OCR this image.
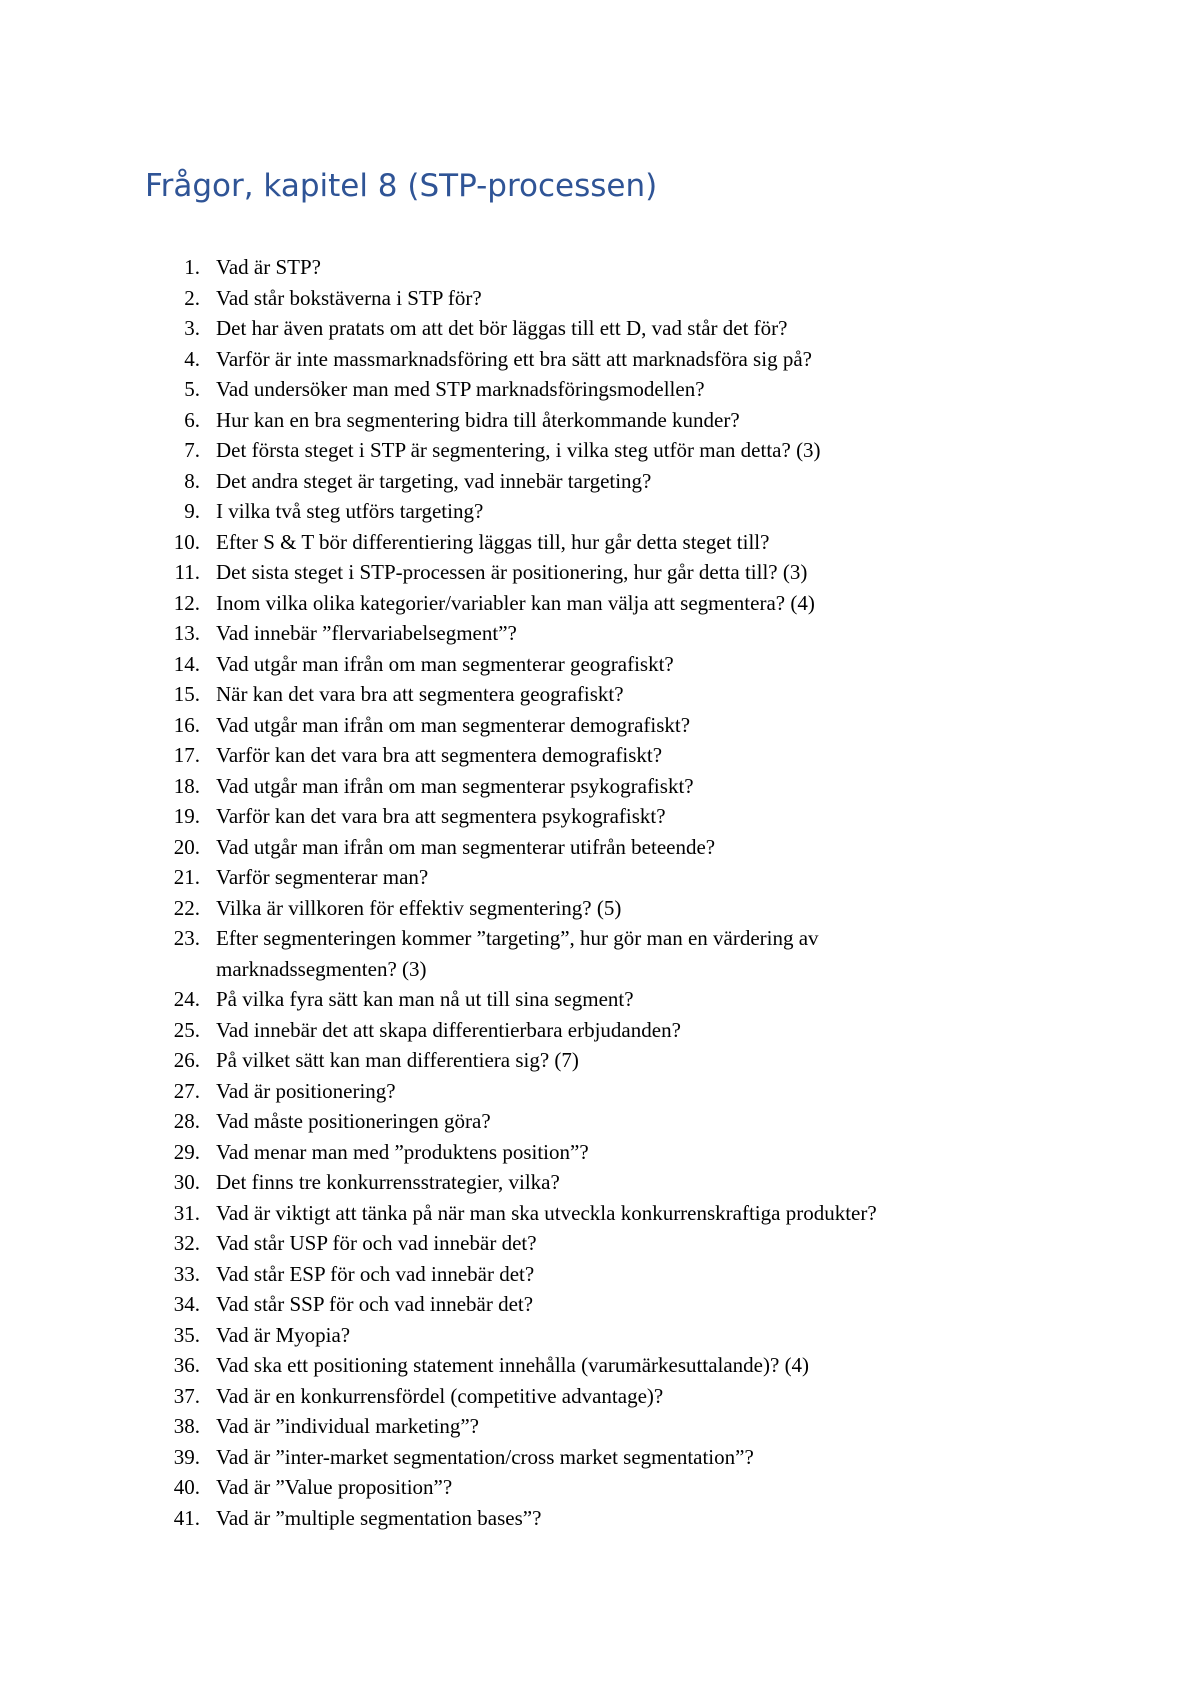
Frågor, kapitel 8 (STP-processen)
1. Vad är STP?
2. Vad står bokstäverna i STP för?
3. Det har även pratats om att det bör läggas till ett D, vad står det för?
4. Varför är inte massmarknadsföring ett bra sätt att marknadsföra sig på?
5. Vad undersöker man med STP marknadsföringsmodellen?
6. Hur kan en bra segmentering bidra till återkommande kunder?
7. Det första steget i STP är segmentering, i vilka steg utför man detta? (3)
8. Det andra steget är targeting, vad innebär targeting?
9. I vilka två steg utförs targeting?
10. Efter S & T bör differentiering läggas till, hur går detta steget till?
11. Det sista steget i STP-processen är positionering, hur går detta till? (3)
12. Inom vilka olika kategorier/variabler kan man välja att segmentera? (4)
13. Vad innebär ”flervariabelsegment”?
14. Vad utgår man ifrån om man segmenterar geografiskt?
15. När kan det vara bra att segmentera geografiskt?
16. Vad utgår man ifrån om man segmenterar demografiskt?
17. Varför kan det vara bra att segmentera demografiskt?
18. Vad utgår man ifrån om man segmenterar psykografiskt?
19. Varför kan det vara bra att segmentera psykografiskt?
20. Vad utgår man ifrån om man segmenterar utifrån beteende?
21. Varför segmenterar man?
22. Vilka är villkoren för effektiv segmentering? (5)
23. Efter segmenteringen kommer ”targeting”, hur gör man en värdering av marknadssegmenten? (3)
24. På vilka fyra sätt kan man nå ut till sina segment?
25. Vad innebär det att skapa differentierbara erbjudanden?
26. På vilket sätt kan man differentiera sig? (7)
27. Vad är positionering?
28. Vad måste positioneringen göra?
29. Vad menar man med ”produktens position”?
30. Det finns tre konkurrensstrategier, vilka?
31. Vad är viktigt att tänka på när man ska utveckla konkurrenskraftiga produkter?
32. Vad står USP för och vad innebär det?
33. Vad står ESP för och vad innebär det?
34. Vad står SSP för och vad innebär det?
35. Vad är Myopia?
36. Vad ska ett positioning statement innehålla (varumärkesuttalande)? (4)
37. Vad är en konkurrensfördel (competitive advantage)?
38. Vad är ”individual marketing”?
39. Vad är ”inter-market segmentation/cross market segmentation”?
40. Vad är ”Value proposition”?
41. Vad är ”multiple segmentation bases”?
